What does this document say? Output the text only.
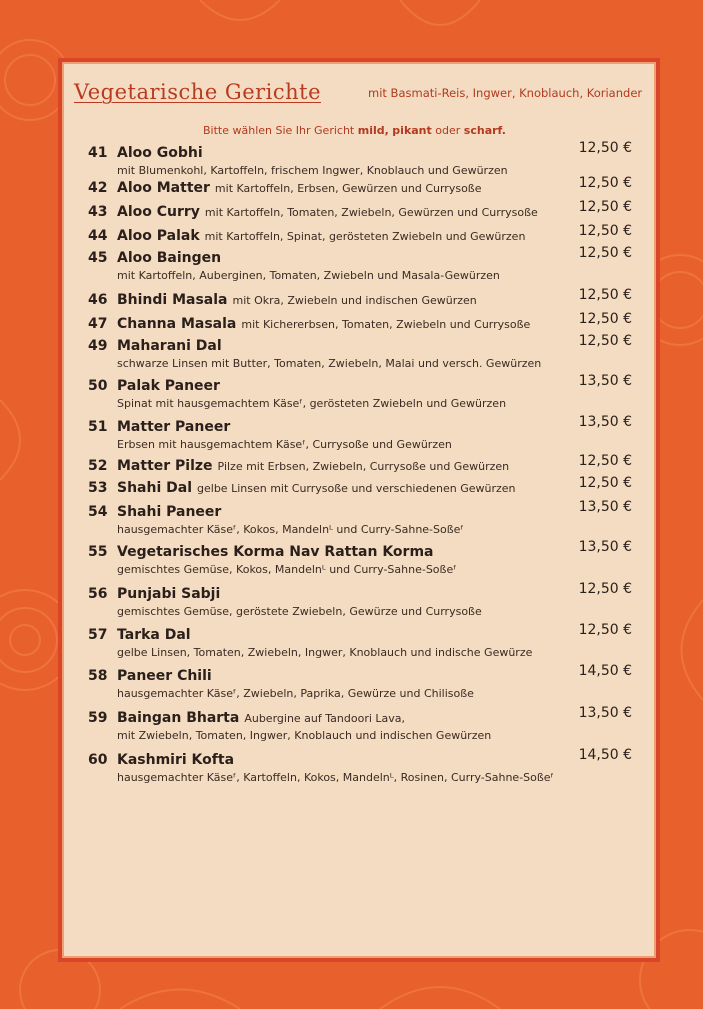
Vegetarische Gerichte	mit Basmati-Reis, Ingwer, Knoblauch, Koriander
Bitte wählen Sie Ihr Gericht mild, pikant oder scharf.
41 Aloo Gobhi
mit Blumenkohl, Kartoffeln, frischem Ingwer, Knoblauch und Gewürzen
12,50 €
42 Aloo Matter mit Kartoffeln, Erbsen, Gewürzen und Currysoße	12,50 €
43 Aloo Curry mit Kartoffeln, Tomaten, Zwiebeln, Gewürzen und Currysoße	12,50 €
44 Aloo Palak mit Kartoffeln, Spinat, gerösteten Zwiebeln und Gewürzen	12,50 €
45 Aloo Baingen
mit Kartoffeln, Auberginen, Tomaten, Zwiebeln und Masala-Gewürzen
12,50 €
46 Bhindi Masala mit Okra, Zwiebeln und indischen Gewürzen	12,50 €
47 Channa Masala mit Kichererbsen, Tomaten, Zwiebeln und Currysoße	12,50 €
49 Maharani Dal
schwarze Linsen mit Butter, Tomaten, Zwiebeln, Malai und versch. Gewürzen
12,50 €
50 Palak Paneer
Spinat mit hausgemachtem Käseᶠ, gerösteten Zwiebeln und Gewürzen
13,50 €
51 Matter Paneer
Erbsen mit hausgemachtem Käseᶠ, Currysoße und Gewürzen
13,50 €
52 Matter Pilze Pilze mit Erbsen, Zwiebeln, Currysoße und Gewürzen	12,50 €
53 Shahi Dal gelbe Linsen mit Currysoße und verschiedenen Gewürzen	12,50 €
54 Shahi Paneer
hausgemachter Käseᶠ, Kokos, Mandelnᴸ und Curry-Sahne-Soßeᶠ
13,50 €
55 Vegetarisches Korma Nav Rattan Korma
gemischtes Gemüse, Kokos, Mandelnᴸ und Curry-Sahne-Soßeᶠ
13,50 €
56 Punjabi Sabji
gemischtes Gemüse, geröstete Zwiebeln, Gewürze und Currysoße
12,50 €
57 Tarka Dal
gelbe Linsen, Tomaten, Zwiebeln, Ingwer, Knoblauch und indische Gewürze
12,50 €
58 Paneer Chili
hausgemachter Käseᶠ, Zwiebeln, Paprika, Gewürze und Chilisoße
14,50 €
59 Baingan Bharta Aubergine auf Tandoori Lava,
mit Zwiebeln, Tomaten, Ingwer, Knoblauch und indischen Gewürzen
13,50 €
60 Kashmiri Kofta
hausgemachter Käseᶠ, Kartoffeln, Kokos, Mandelnᴸ, Rosinen, Curry-Sahne-Soßeᶠ
14,50 €
